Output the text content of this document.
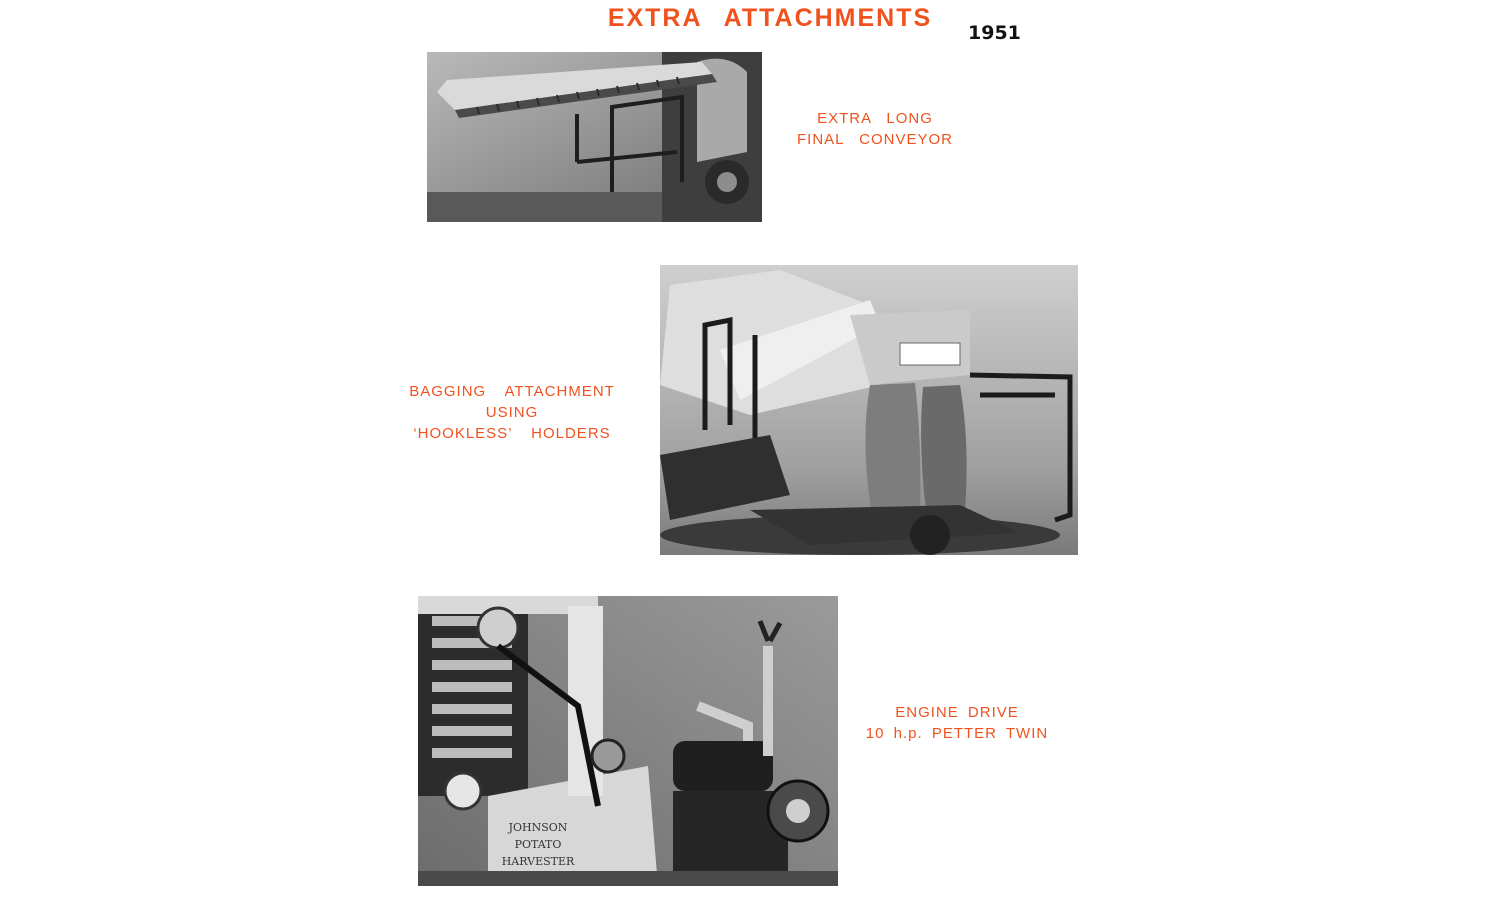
EXTRA ATTACHMENTS
1951
EXTRA LONG
FINAL CONVEYOR
BAGGING ATTACHMENT
USING
‘HOOKLESS’ HOLDERS
JOHNSON
POTATO
HARVESTER
ENGINE DRIVE
10 h.p. PETTER TWIN
